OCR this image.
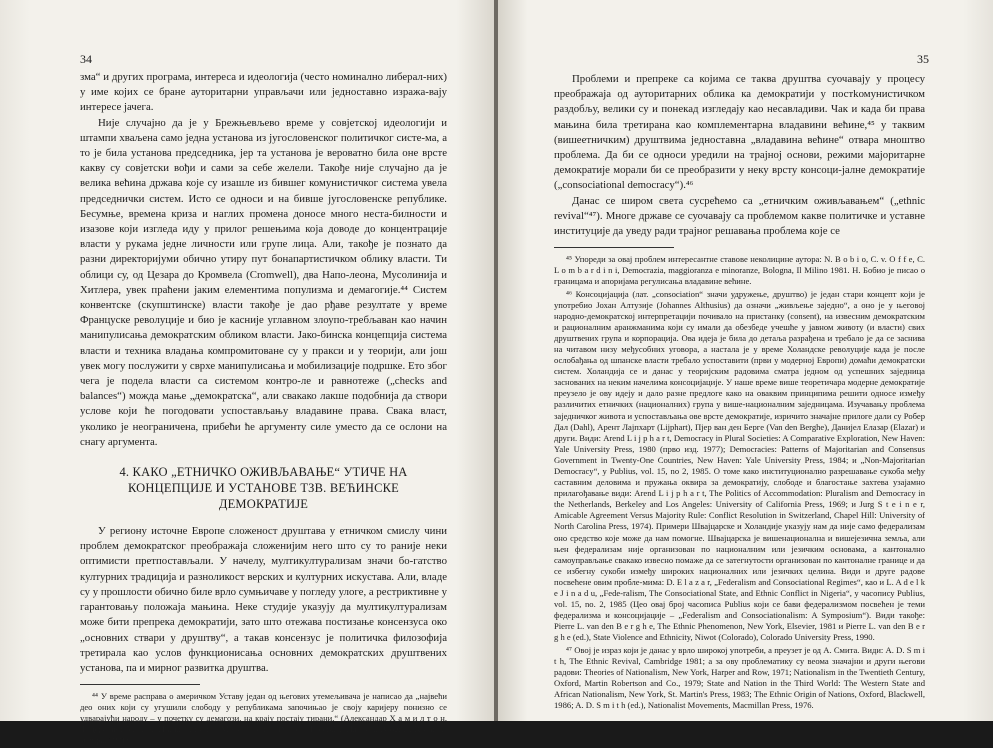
34

зма“ и других програма, интереса и идеологија (често номинално либерал-них) у име којих се бране ауторитарни управљачи или једноставно изража-вају интересе јачега.

Није случајно да је у Брежњевљево време у совјетској идеологији и штампи хваљена само једна установа из југословенског политичког систе-ма, а то је била установа председника, јер та установа је вероватно била оне врсте какву су совјетски вођи и сами за себе желели. Такође није случајно да је велика већина држава које су изашле из бившег комунистичког система увела председнички систем. Исто се односи и на бивше југословенске републике. Бесумње, времена криза и наглих промена доносе много неста-билности и изазове који изгледа иду у прилог решењима која доводе до концентрације власти у рукама једне личности или групе лица. Али, такође је познато да разни директоријуми обично утиру пут бонапартистичком облику власти. Ти облици су, од Цезара до Кромвела (Cromwell), два Напо-леона, Мусолинија и Хитлера, увек праћени јаким елементима популизма и демагогије.⁴⁴ Систем конвентске (скупштинске) власти такође је дао рђаве резултате у време Француске револуције и био је касније углавном злоупо-требљаван као начин манипулисања демократским обликом власти. Јако-бинска концепција система власти и техника владања компромитоване су у пракси и у теорији, али још увек могу послужити у сврхе манипулисања и мобилизације подршке. Ето због чега је подела власти са системом контро-ле и равнотеже („checks and balances“) можда мање „демократска“, али свакако лакше подобнија да створи услове који ће погодовати успостављању владавине права. Свака власт, уколико је неограничена, прибећи ће аргументу силе уместо да се ослони на снагу аргумента.

4. КАКО „ЕТНИЧКО ОЖИВЉАВАЊЕ“ УТИЧЕ НА КОНЦЕПЦИЈЕ И УСТАНОВЕ ТЗВ. ВЕЋИНСКЕ ДЕМОКРАТИЈЕ

У региону источне Европе сложеност друштава у етничком смислу чини проблем демократског преображаја сложенијим него што су то раније неки оптимисти претпостављали. У начелу, мултикултурализам значи бо-гатство културних традиција и разноликост верских и културних искустава. Али, владе су у прошлости обично биле врло сумњичаве у погледу улоге, а рестриктивне у гарантовању положаја мањина. Неке студије указују да мултикултурализам може бити препрека демократији, зато што отежава постизање консензуса око „основних ствари у друштву“, а такав консензус је политичка филозофија третирала као услов функционисања основних демократских друштвених установа, па и мирног развитка друштва.

⁴⁴ У време расправа о америчком Уставу један од његових утемељивача је написао да „највећи део оних који су угушили слободу у републикама започињао је своју каријеру понизно се удварајући народу – у почетку су демагози, на крају постају тирани.“ (Александар Х а м и л т о н, Федералист бр. 1; в. H a m i l t o n – M e d i s o n – D ж е j, Federalistički spisi, Beograd, Radnička štampa, 1981).

35

Проблеми и препреке са којима се таква друштва суочавају у процесу преображаја од ауторитарних облика ка демократији у постkомунистичком раздобљу, велики су и понекад изгледају као несавладиви. Чак и када би права мањина била третирана као комплементарна владавини већине,⁴⁵ у таквим (вишеетничким) друштвима једноставна „владавина већине“ отвара мноштво проблема. Да би се односи уредили на трајној основи, режими мајоритарне демократије морали би се преобразити у неку врсту консоци-јалне демократије („consociational democracy“).⁴⁶

Данас се широм света сусрећемо са „етничким оживљавањем“ („ethnic revival“⁴⁷). Многе државе се суочавају са проблемом какве политичке и уставне институције да уведу ради трајног решавања проблема које се

⁴⁵ Упореди за овај проблем интересантне ставове неколицине аутора: N. B o b i o, C. v. O f f e, C. L o m b a r d i n i, Democrazia, maggioranza e minoranze, Bologna, Il Milino 1981. Н. Бобио је писао о границама и апоријама регулисања владавине већине.

⁴⁶ Консоцијација (лат. „consociation“ значи удружење, друштво) је један стари концепт који је употребио Јохан Алтузије (Johannes Althusius) да означи „живљење заједно“, а оно је у његовој народно-демократској интерпретацији почивало на пристанку (consent), на извесним демократским и рационалним аранжманима који су имали да обезбеде учешће у јавном животу (и власти) свих друштвених група и корпорација. Ова идеја је била до детаља разрађена и требало је да се заснива на читавом низу међусобних уговора, а настала је у време Холандске револуције када је после ослобађања од шпанске власти требало успоставити (први у модерној Европи) домаћи демократски систем. Холандија се и данас у теоријским радовима сматра једном од успешних заједница заснованих на неким начелима консоцијације. У наше време више теоретичара модерне демократије преузело је ову идеју и дало разне предлоге како на оваквим принципима решити односе између различитих етничких (националних) група у више-националним заједницама. Изучавању проблема заједничког живота и успостављања ове врсте демократије, изричито значајне прилоге дали су Робер Дал (Dahl), Арент Лајпхарт (Lijphart), Пјер ван ден Берге (Van den Berghe), Данијел Елазар (Elazar) и други. Види: Arend L i j p h a r t, Democracy in Plural Societies: A Comparative Exploration, New Haven: Yale University Press, 1980 (прво изд. 1977); Democracies: Patterns of Majoritarian and Consensus Government in Twenty-One Countries, New Haven: Yale University Press, 1984; и „Non-Majoritarian Democracy“, у Publius, vol. 15, no 2, 1985. О томе како институционално разрешавање сукоба међу саставним деловима и пружања оквира за демократију, слободе и благостање захтева узајамно прилагођавање види: Arend L i j p h a r t, The Politics of Accommodation: Pluralism and Democracy in the Netherlands, Berkeley and Los Angeles: University of California Press, 1969; и Jurg S t e i n e r, Amicable Agreement Versus Majority Rule: Conflict Resolution in Switzerland, Chapel Hill: University of North Carolina Press, 1974). Примери Швајцарске и Холандије указују нам да није само федерализам оно средство које може да нам помогне. Швајцарска је вишенационална и вишејезична земља, али њен федерализам није организован по националним или језичким основама, а кантонално самоуправљање свакако извесно помаже да се затегнутости организован по кантоналне границе и да се избегну сукоби између широких националних или језичких целина. Види и друге радове посвећене овим пробле-мима: D. E l a z a r, „Federalism and Consociational Regimes“, као и L. A d e l k e J i n a d u, „Fede-ralism, The Consociational State, and Ethnic Conflict in Nigeria“, у часопису Publius, vol. 15, no. 2, 1985 (Цео овај број часописа Publius који се бави федерализмом посвећен је теми федерализма и консоцијације – „Federalism and Consociationalism: A Symposium“). Види такође: Pierre L. van den B e r g h e, The Ethnic Phenomenon, New York, Elsevier, 1981 и Pierre L. van den B e r g h e (ed.), State Violence and Ethnicity, Niwot (Colorado), Colorado University Press, 1990.

⁴⁷ Овој је израз који је данас у врло широкој употреби, а преузет је од А. Смита. Види: А. D. S m i t h, The Ethnic Revival, Cambridge 1981; а за ову проблематику су веома значајни и други његови радови: Theories of Nationalism, New York, Harper and Row, 1971; Nationalism in the Twentieth Century, Oxford, Martin Robertson and Co., 1979; State and Nation in the Third World: The Western State and African Nationalism, New York, St. Martin's Press, 1983; The Ethnic Origin of Nations, Oxford, Blackwell, 1986; A. D. S m i t h (ed.), Nationalist Movements, Macmillan Press, 1976.
